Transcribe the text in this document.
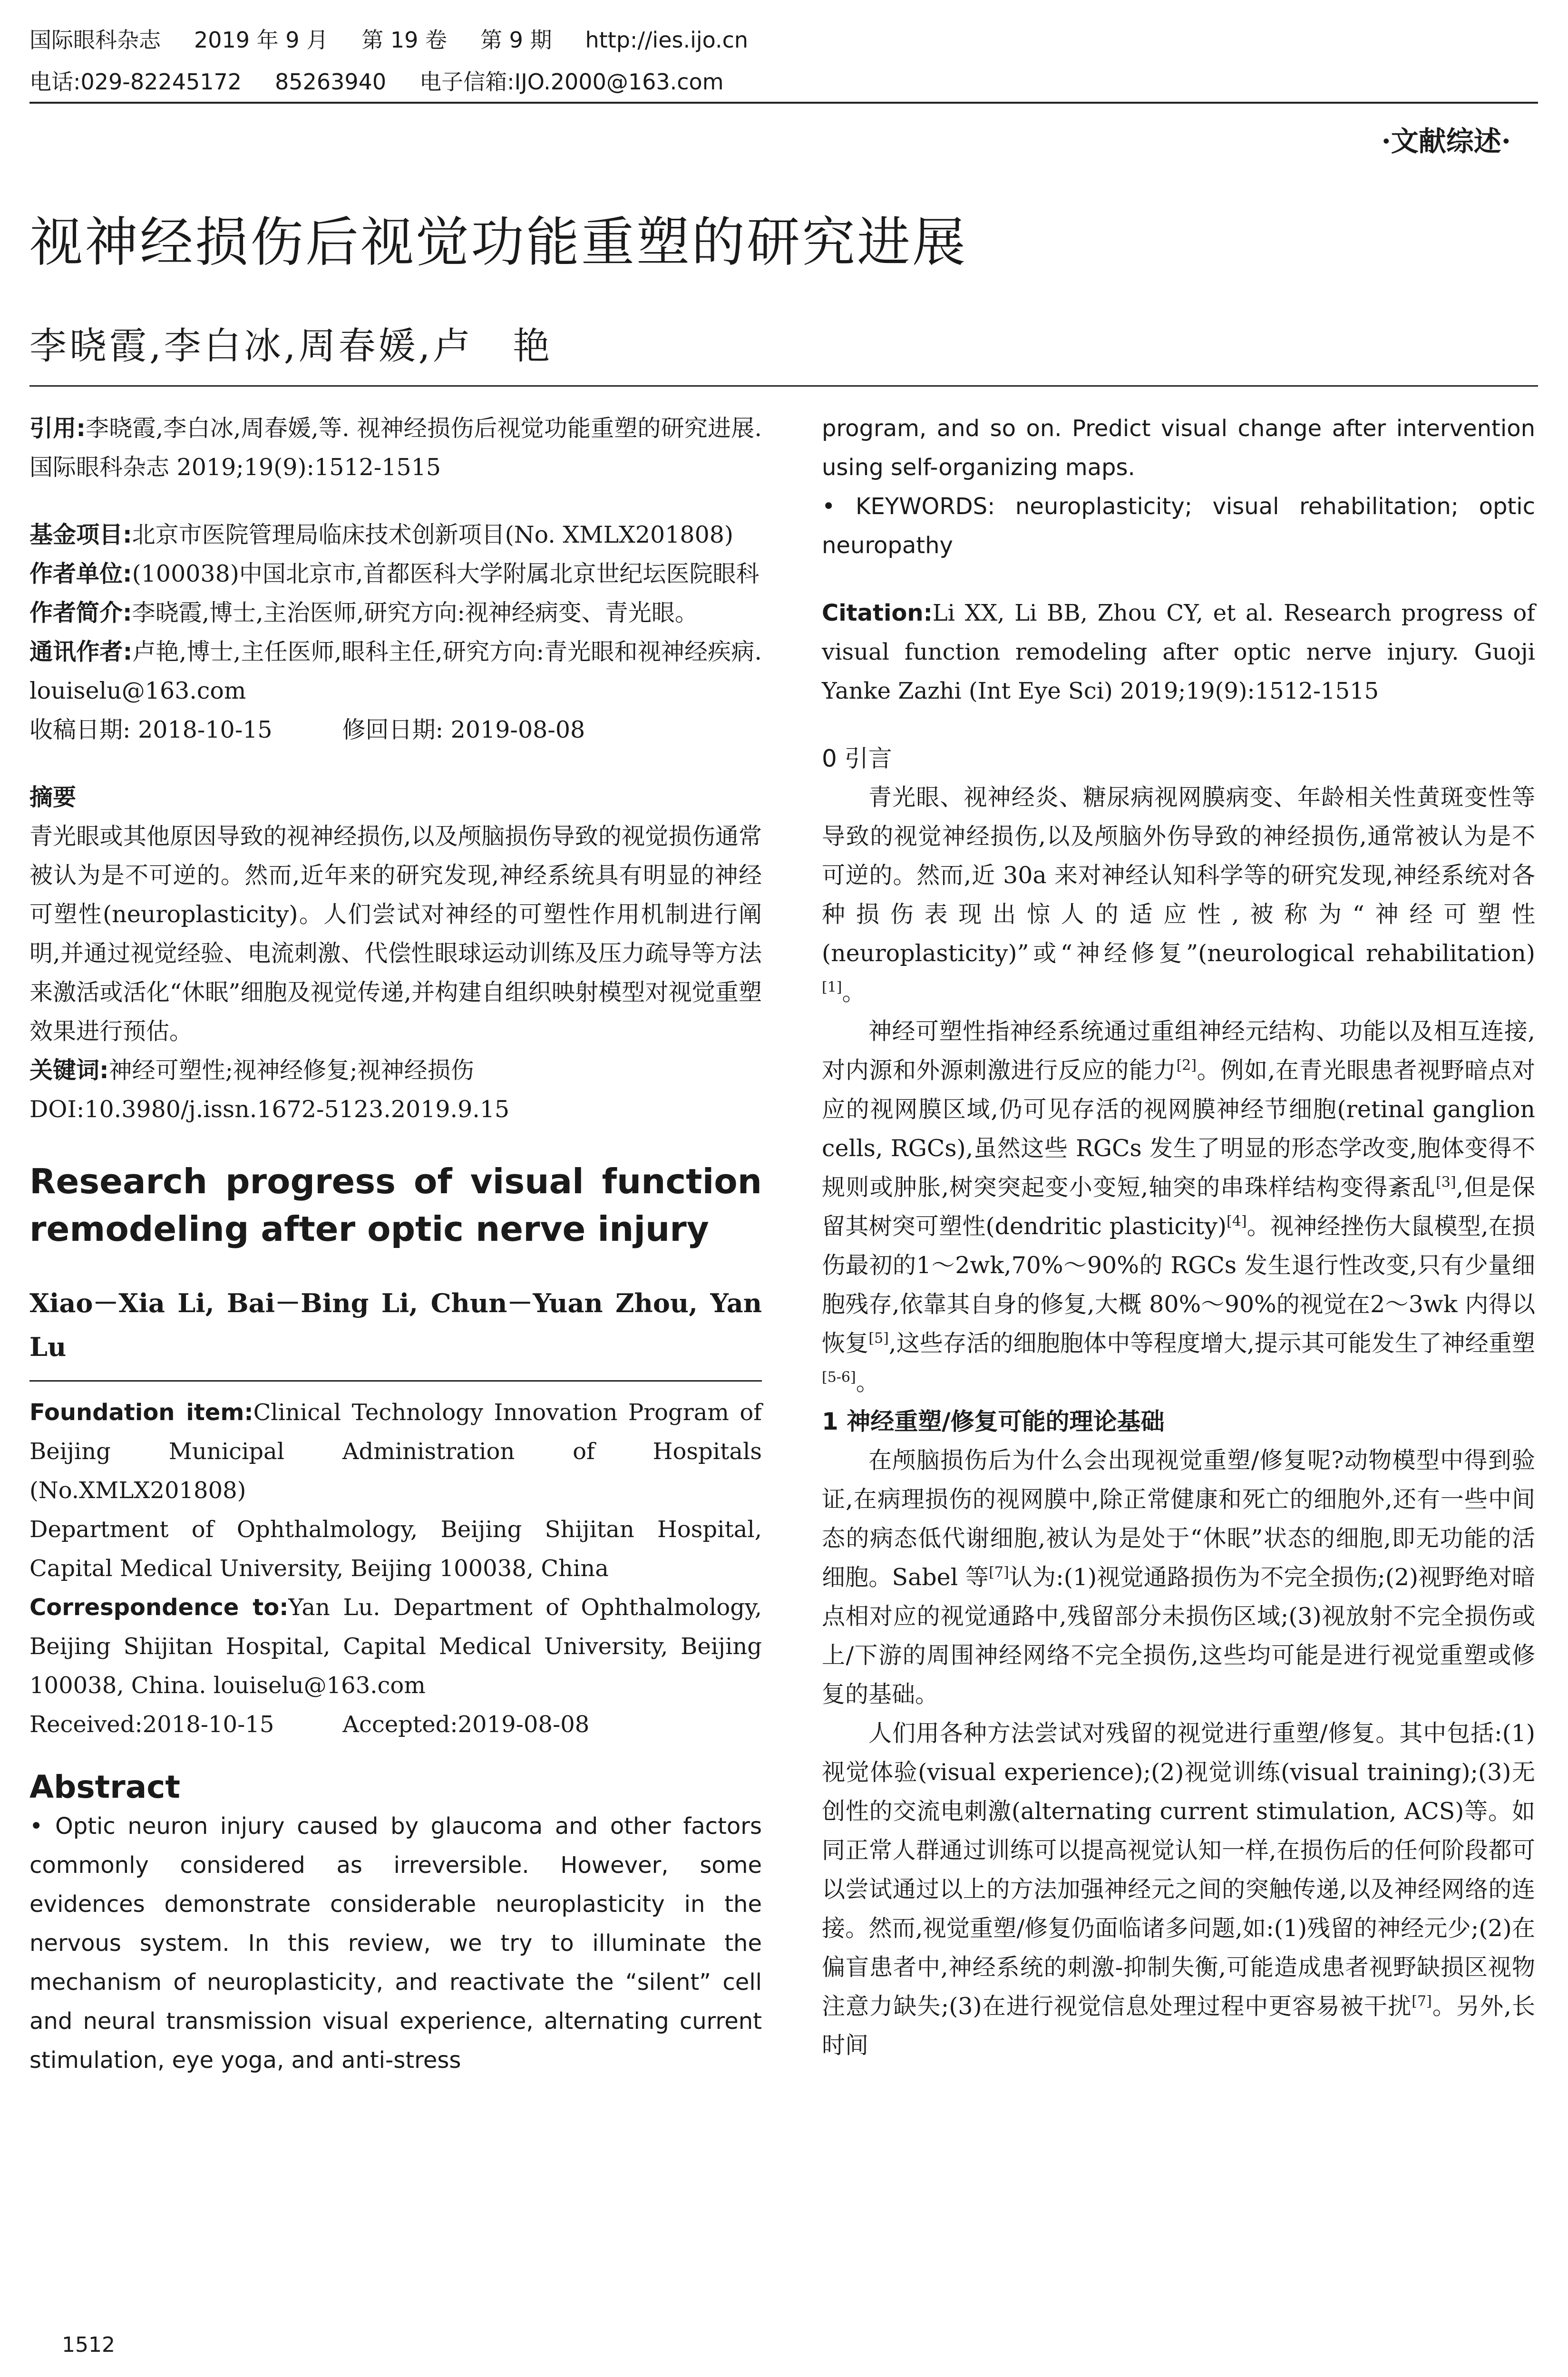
国际眼科杂志 2019 年 9 月 第 19 卷 第 9 期 http://ies.ijo.cn
电话:029-82245172 85263940 电子信箱:IJO.2000@163.com
·文献综述·
视神经损伤后视觉功能重塑的研究进展
李晓霞,李白冰,周春媛,卢　艳

引用:李晓霞,李白冰,周春媛,等. 视神经损伤后视觉功能重塑的研究进展.国际眼科杂志 2019;19(9):1512-1515

基金项目:北京市医院管理局临床技术创新项目(No. XMLX201808)

作者单位:(100038)中国北京市,首都医科大学附属北京世纪坛医院眼科

作者简介:李晓霞,博士,主治医师,研究方向:视神经病变、青光眼。

通讯作者:卢艳,博士,主任医师,眼科主任,研究方向:青光眼和视神经疾病. louiselu@163.com

收稿日期: 2018-10-15　　　修回日期: 2019-08-08

摘要

青光眼或其他原因导致的视神经损伤,以及颅脑损伤导致的视觉损伤通常被认为是不可逆的。然而,近年来的研究发现,神经系统具有明显的神经可塑性(neuroplasticity)。人们尝试对神经的可塑性作用机制进行阐明,并通过视觉经验、电流刺激、代偿性眼球运动训练及压力疏导等方法来激活或活化“休眠”细胞及视觉传递,并构建自组织映射模型对视觉重塑效果进行预估。

关键词:神经可塑性;视神经修复;视神经损伤

DOI:10.3980/j.issn.1672-5123.2019.9.15

Research progress of visual function remodeling after optic nerve injury

Xiao－Xia Li, Bai－Bing Li, Chun－Yuan Zhou, Yan Lu

Foundation item:Clinical Technology Innovation Program of Beijing Municipal Administration of Hospitals (No.XMLX201808)

Department of Ophthalmology, Beijing Shijitan Hospital, Capital Medical University, Beijing 100038, China

Correspondence to:Yan Lu. Department of Ophthalmology, Beijing Shijitan Hospital, Capital Medical University, Beijing 100038, China. louiselu@163.com

Received:2018-10-15　　　Accepted:2019-08-08

Abstract

• Optic neuron injury caused by glaucoma and other factors commonly considered as irreversible. However, some evidences demonstrate considerable neuroplasticity in the nervous system. In this review, we try to illuminate the mechanism of neuroplasticity, and reactivate the “silent” cell and neural transmission visual experience, alternating current stimulation, eye yoga, and anti-stress

program, and so on. Predict visual change after intervention using self-organizing maps.

• KEYWORDS: neuroplasticity; visual rehabilitation; optic neuropathy

Citation:Li XX, Li BB, Zhou CY, et al. Research progress of visual function remodeling after optic nerve injury. Guoji Yanke Zazhi (Int Eye Sci) 2019;19(9):1512-1515

0 引言

青光眼、视神经炎、糖尿病视网膜病变、年龄相关性黄斑变性等导致的视觉神经损伤,以及颅脑外伤导致的神经损伤,通常被认为是不可逆的。然而,近 30a 来对神经认知科学等的研究发现,神经系统对各种损伤表现出惊人的适应性,被称为“神经可塑性(neuroplasticity)”或“神经修复”(neurological rehabilitation)[1]。

神经可塑性指神经系统通过重组神经元结构、功能以及相互连接,对内源和外源刺激进行反应的能力[2]。例如,在青光眼患者视野暗点对应的视网膜区域,仍可见存活的视网膜神经节细胞(retinal ganglion cells, RGCs),虽然这些 RGCs 发生了明显的形态学改变,胞体变得不规则或肿胀,树突突起变小变短,轴突的串珠样结构变得紊乱[3],但是保留其树突可塑性(dendritic plasticity)[4]。视神经挫伤大鼠模型,在损伤最初的1～2wk,70%～90%的 RGCs 发生退行性改变,只有少量细胞残存,依靠其自身的修复,大概 80%～90%的视觉在2～3wk 内得以恢复[5],这些存活的细胞胞体中等程度增大,提示其可能发生了神经重塑[5-6]。

1 神经重塑/修复可能的理论基础

在颅脑损伤后为什么会出现视觉重塑/修复呢?动物模型中得到验证,在病理损伤的视网膜中,除正常健康和死亡的细胞外,还有一些中间态的病态低代谢细胞,被认为是处于“休眠”状态的细胞,即无功能的活细胞。Sabel 等[7]认为:(1)视觉通路损伤为不完全损伤;(2)视野绝对暗点相对应的视觉通路中,残留部分未损伤区域;(3)视放射不完全损伤或上/下游的周围神经网络不完全损伤,这些均可能是进行视觉重塑或修复的基础。

人们用各种方法尝试对残留的视觉进行重塑/修复。其中包括:(1)视觉体验(visual experience);(2)视觉训练(visual training);(3)无创性的交流电刺激(alternating current stimulation, ACS)等。如同正常人群通过训练可以提高视觉认知一样,在损伤后的任何阶段都可以尝试通过以上的方法加强神经元之间的突触传递,以及神经网络的连接。然而,视觉重塑/修复仍面临诸多问题,如:(1)残留的神经元少;(2)在偏盲患者中,神经系统的刺激-抑制失衡,可能造成患者视野缺损区视物注意力缺失;(3)在进行视觉信息处理过程中更容易被干扰[7]。另外,长时间

1512
